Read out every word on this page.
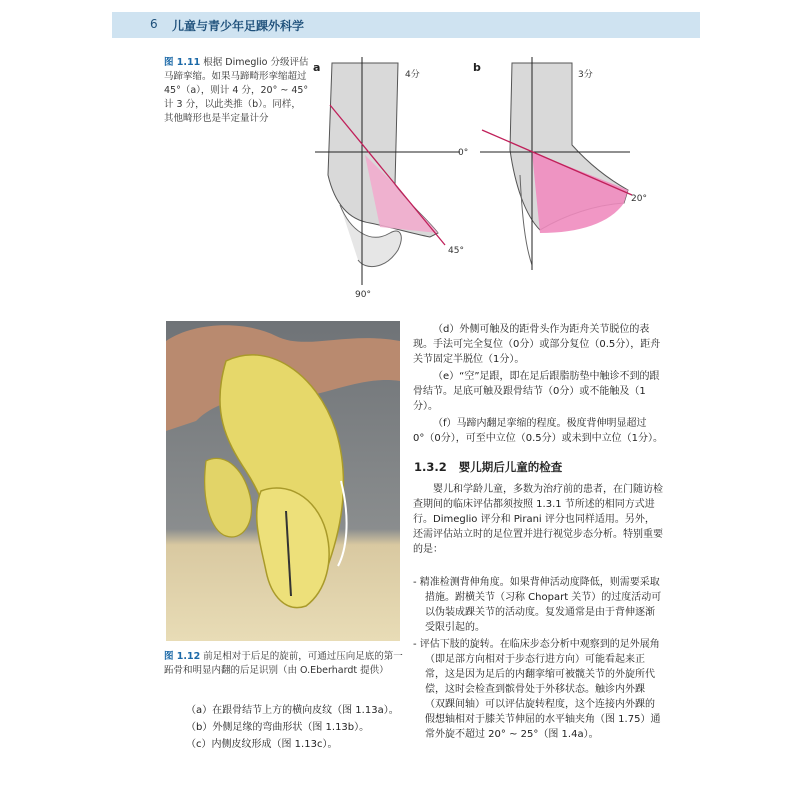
6 儿童与青少年足踝外科学
图 1.11 根据 Dimeglio 分级评估马蹄挛缩。如果马蹄畸形挛缩超过 45°（a），则计 4 分，20° ~ 45° 计 3 分，以此类推（b）。同样，其他畸形也是半定量计分
a
4分
0°
45°
90°
b
3分
20°
图 1.12 前足相对于后足的旋前，可通过压向足底的第一跖骨和明显内翻的后足识别（由 O.Eberhardt 提供）

（d）外侧可触及的距骨头作为距舟关节脱位的表现。手法可完全复位（0分）或部分复位（0.5分），距舟关节固定半脱位（1分）。

（e）“空”足跟，即在足后跟脂肪垫中触诊不到的跟骨结节。足底可触及跟骨结节（0分）或不能触及（1分）。

（f）马蹄内翻足挛缩的程度。极度背伸明显超过 0°（0分），可至中立位（0.5分）或未到中立位（1分）。

1.3.2 婴儿期后儿童的检查

婴儿和学龄儿童，多数为治疗前的患者，在门随访检查期间的临床评估都须按照 1.3.1 节所述的相同方式进行。Dimeglio 评分和 Pirani 评分也同样适用。另外，还需评估站立时的足位置并进行视觉步态分析。特别重要的是：

- 精准检测背伸角度。如果背伸活动度降低，则需要采取措施。跗横关节（习称 Chopart 关节）的过度活动可以伪装成踝关节的活动度。复发通常是由于背伸逐渐受限引起的。
- 评估下肢的旋转。在临床步态分析中观察到的足外展角（即足部方向相对于步态行进方向）可能看起来正常，这是因为足后的内翻挛缩可被髋关节的外旋所代偿，这时会检查到髌骨处于外移状态。触诊内外踝（双踝间轴）可以评估旋转程度，这个连接内外踝的假想轴相对于膝关节伸屈的水平轴夹角（图 1.75）通常外旋不超过 20° ~ 25°（图 1.4a）。
（a）在跟骨结节上方的横向皮纹（图 1.13a）。
（b）外侧足缘的弯曲形状（图 1.13b）。
（c）内侧皮纹形成（图 1.13c）。
